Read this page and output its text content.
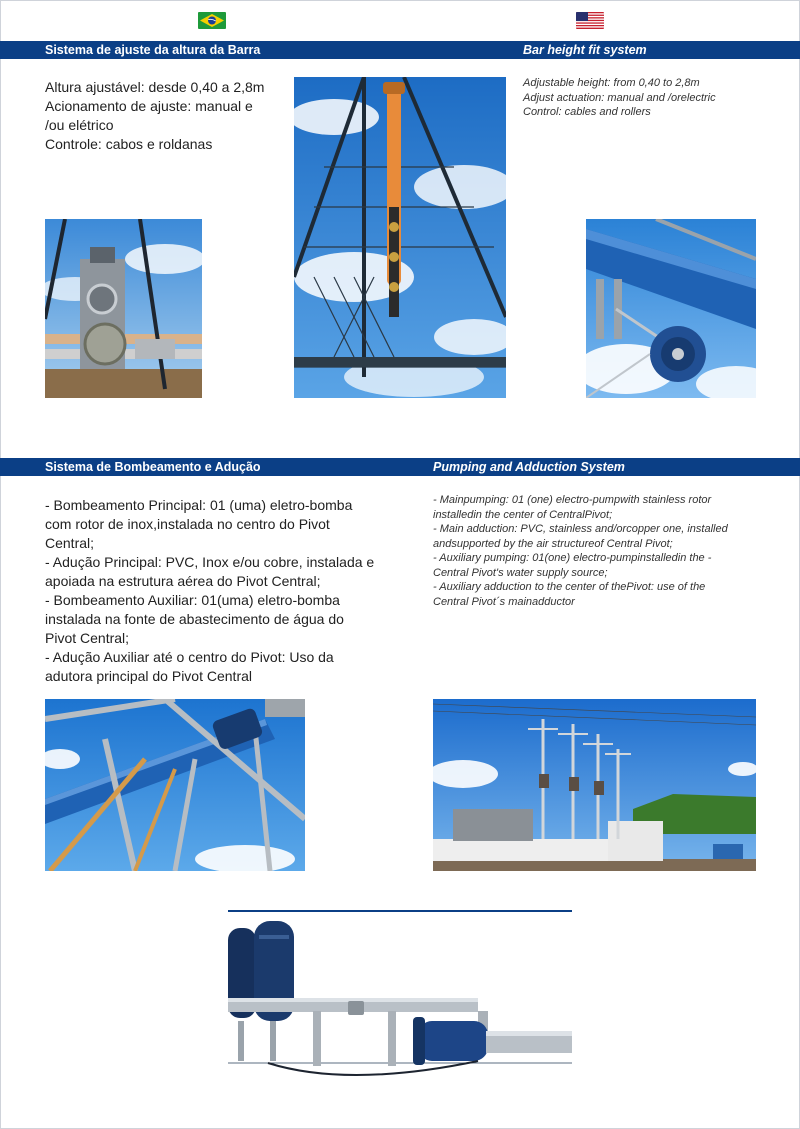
Sistema de ajuste da altura da Barra	Bar height fit system
Altura ajustável: desde 0,40 a 2,8m
Acionamento de ajuste: manual e
/ou elétrico
Controle: cabos e roldanas
Adjustable height: from 0,40 to 2,8m
Adjust actuation: manual and /orelectric
Control: cables and rollers
Sistema de Bombeamento e Adução	Pumping and Adduction System
- Bombeamento Principal: 01 (uma) eletro-bomba
com rotor de inox,instalada no centro do Pivot
Central;
- Adução Principal: PVC, Inox e/ou cobre, instalada e
apoiada na estrutura aérea do Pivot Central;
- Bombeamento Auxiliar: 01(uma) eletro-bomba
instalada na fonte de abastecimento de água do
Pivot Central;
- Adução Auxiliar até o centro do Pivot: Uso da
adutora principal do Pivot Central
- Mainpumping: 01 (one) electro-pumpwith stainless rotor
installedin the center of CentralPivot;
- Main adduction: PVC, stainless and/orcopper one, installed
andsupported by the air structureof Central Pivot;
- Auxiliary pumping: 01(one) electro-pumpinstalledin the -
Central Pivot's water supply source;
- Auxiliary adduction to the center of thePivot: use of the
Central Pivot´s mainadductor
